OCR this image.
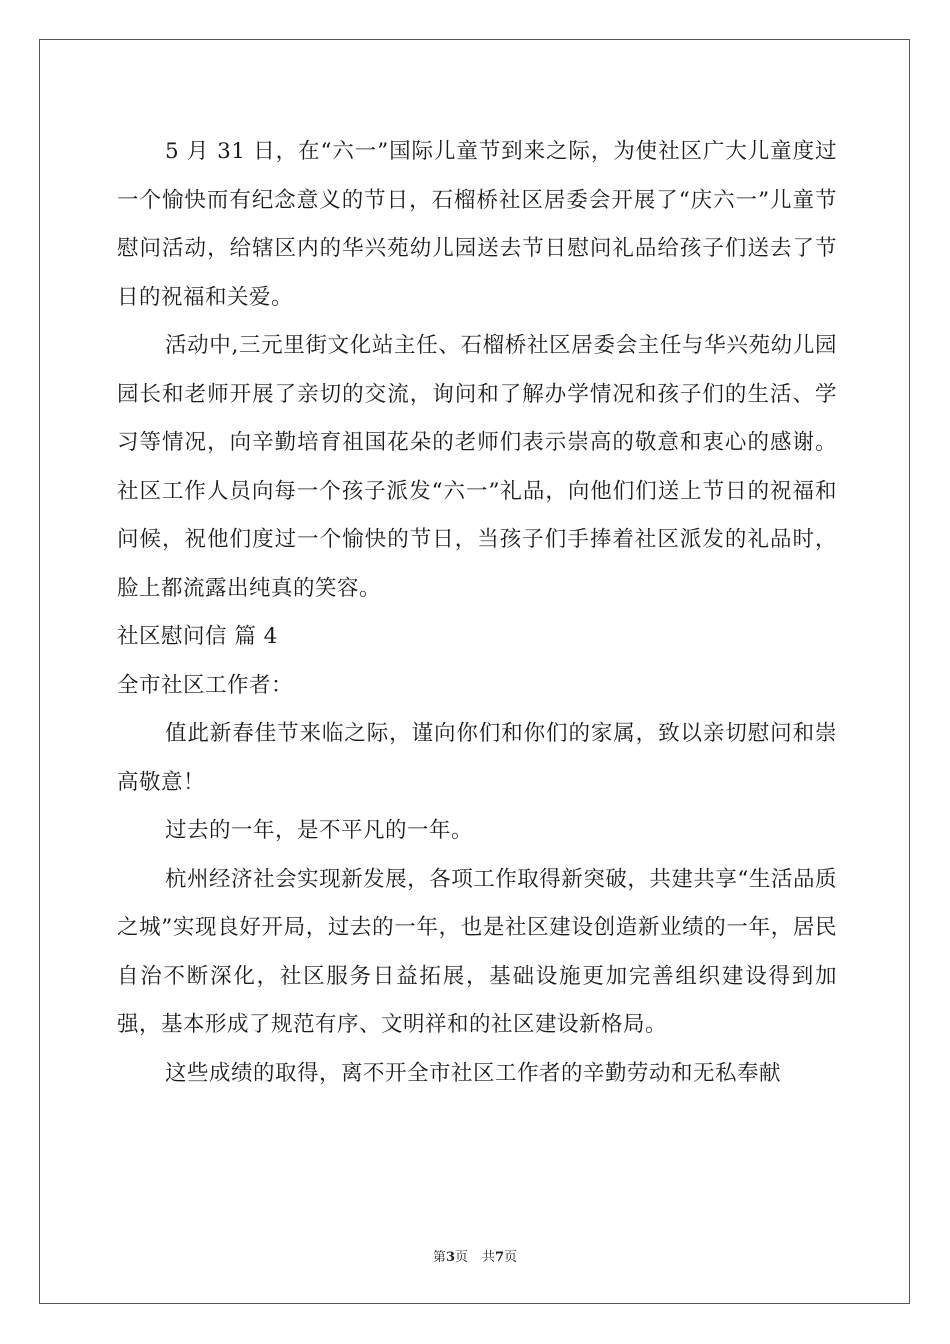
5 月 31 日，在“六一”国际儿童节到来之际，为使社区广大儿童度过一个愉快而有纪念意义的节日，石榴桥社区居委会开展了“庆六一”儿童节慰问活动，给辖区内的华兴苑幼儿园送去节日慰问礼品给孩子们送去了节日的祝福和关爱。

活动中,三元里街文化站主任、石榴桥社区居委会主任与华兴苑幼儿园园长和老师开展了亲切的交流，询问和了解办学情况和孩子们的生活、学习等情况，向辛勤培育祖国花朵的老师们表示崇高的敬意和衷心的感谢。社区工作人员向每一个孩子派发“六一”礼品，向他们们送上节日的祝福和问候，祝他们度过一个愉快的节日，当孩子们手捧着社区派发的礼品时，脸上都流露出纯真的笑容。

社区慰问信 篇 4

全市社区工作者：

值此新春佳节来临之际，谨向你们和你们的家属，致以亲切慰问和崇高敬意！

过去的一年，是不平凡的一年。

杭州经济社会实现新发展，各项工作取得新突破，共建共享“生活品质之城”实现良好开局，过去的一年，也是社区建设创造新业绩的一年，居民自治不断深化，社区服务日益拓展，基础设施更加完善组织建设得到加强，基本形成了规范有序、文明祥和的社区建设新格局。

这些成绩的取得，离不开全市社区工作者的辛勤劳动和无私奉献

第3页 共7页
